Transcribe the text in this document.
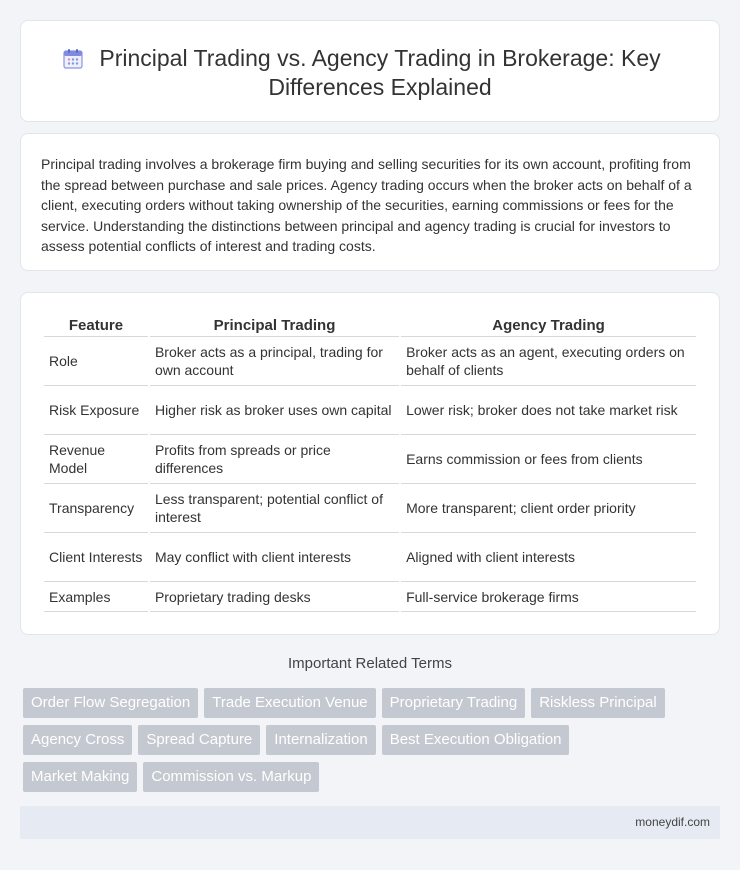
Principal Trading vs. Agency Trading in Brokerage: Key Differences Explained

Principal trading involves a brokerage firm buying and selling securities for its own account, profiting from the spread between purchase and sale prices. Agency trading occurs when the broker acts on behalf of a client, executing orders without taking ownership of the securities, earning commissions or fees for the service. Understanding the distinctions between principal and agency trading is crucial for investors to assess potential conflicts of interest and trading costs.

Feature	Principal Trading	Agency Trading
Role	Broker acts as a principal, trading for own account	Broker acts as an agent, executing orders on behalf of clients
Risk Exposure	Higher risk as broker uses own capital	Lower risk; broker does not take market risk
Revenue Model	Profits from spreads or price differences	Earns commission or fees from clients
Transparency	Less transparent; potential conflict of interest	More transparent; client order priority
Client Interests	May conflict with client interests	Aligned with client interests
Examples	Proprietary trading desks	Full-service brokerage firms
Important Related Terms
Order Flow Segregation	Trade Execution Venue	Proprietary Trading	Riskless Principal
Agency Cross	Spread Capture	Internalization	Best Execution Obligation
Market Making	Commission vs. Markup
moneydif.com
